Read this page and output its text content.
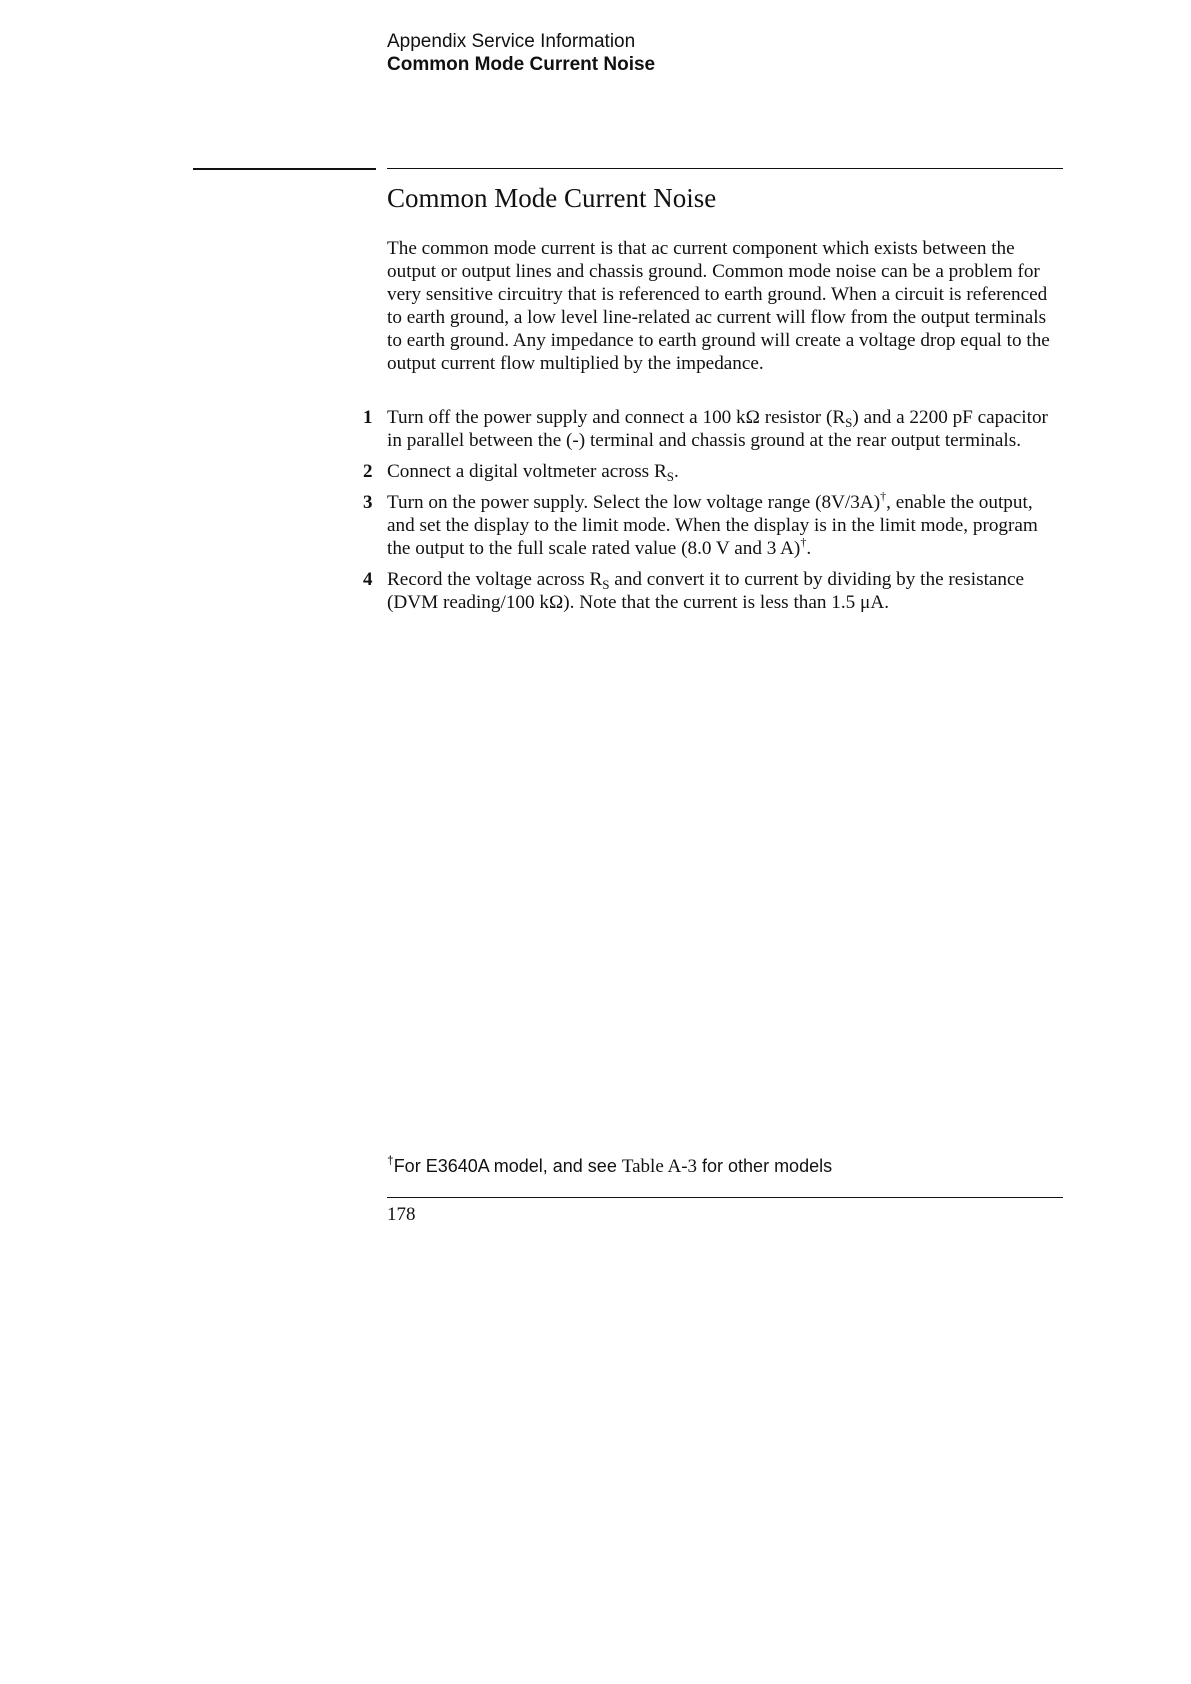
Appendix Service Information
Common Mode Current Noise
Common Mode Current Noise

The common mode current is that ac current component which exists between the output or output lines and chassis ground. Common mode noise can be a problem for very sensitive circuitry that is referenced to earth ground. When a circuit is referenced to earth ground, a low level line-related ac current will flow from the output terminals to earth ground. Any impedance to earth ground will create a voltage drop equal to the output current flow multiplied by the impedance.

1 Turn off the power supply and connect a 100 kΩ resistor $(R_S)$ and a 2200 pF capacitor in parallel between the (-) terminal and chassis ground at the rear output terminals.
2 Connect a digital voltmeter across $R_S$.
3 Turn on the power supply. Select the low voltage range (8V/3A)†, enable the output, and set the display to the limit mode. When the display is in the limit mode, program the output to the full scale rated value (8.0 V and 3 A)†.
4 Record the voltage across $R_S$ and convert it to current by dividing by the resistance (DVM reading/100 kΩ). Note that the current is less than 1.5 μA.
†For E3640A model, and see Table A-3 for other models
178
